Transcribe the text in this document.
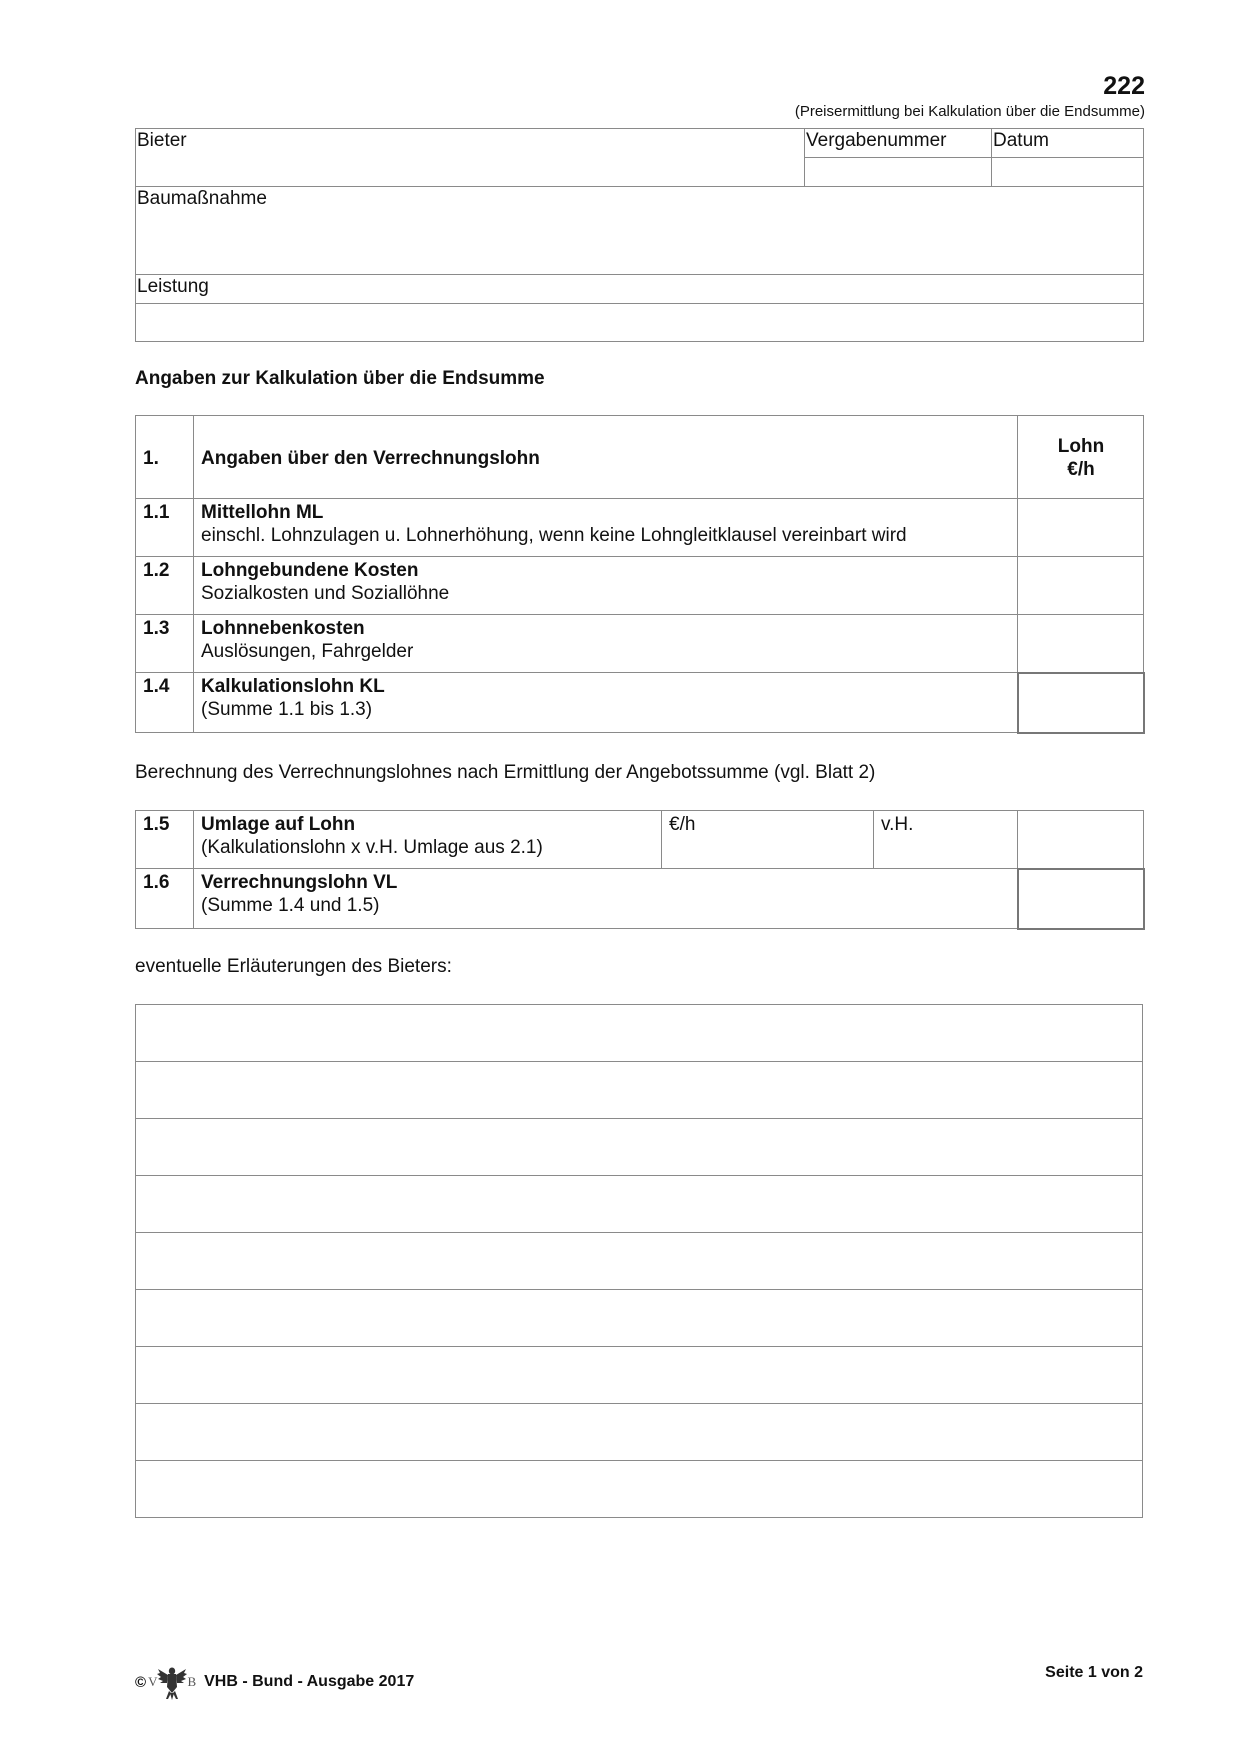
222
(Preisermittlung bei Kalkulation über die Endsumme)
Bieter	Vergabenummer	Datum

Baumaßnahme		
Leistung		

Angaben zur Kalkulation über die Endsumme
1.	Angaben über den Verrechnungslohn	Lohn
€/h

1.1	Mittellohn ML
einschl. Lohnzulagen u. Lohnerhöhung, wenn keine Lohngleitklausel vereinbart wird	

1.2	Lohngebundene Kosten
Sozialkosten und Soziallöhne	

1.3	Lohnnebenkosten
Auslösungen, Fahrgelder	

1.4	Kalkulationslohn KL
(Summe 1.1 bis 1.3)	

Berechnung des Verrechnungslohnes nach Ermittlung der Angebotssumme (vgl. Blatt 2)
1.5	Umlage auf Lohn
(Kalkulationslohn x v.H. Umlage aus 2.1)	€/h	v.H.	
1.6	Verrechnungslohn VL
(Summe 1.4 und 1.5)			

eventuelle Erläuterungen des Bieters:

© V B VHB - Bund - Ausgabe 2017
Seite 1 von 2
